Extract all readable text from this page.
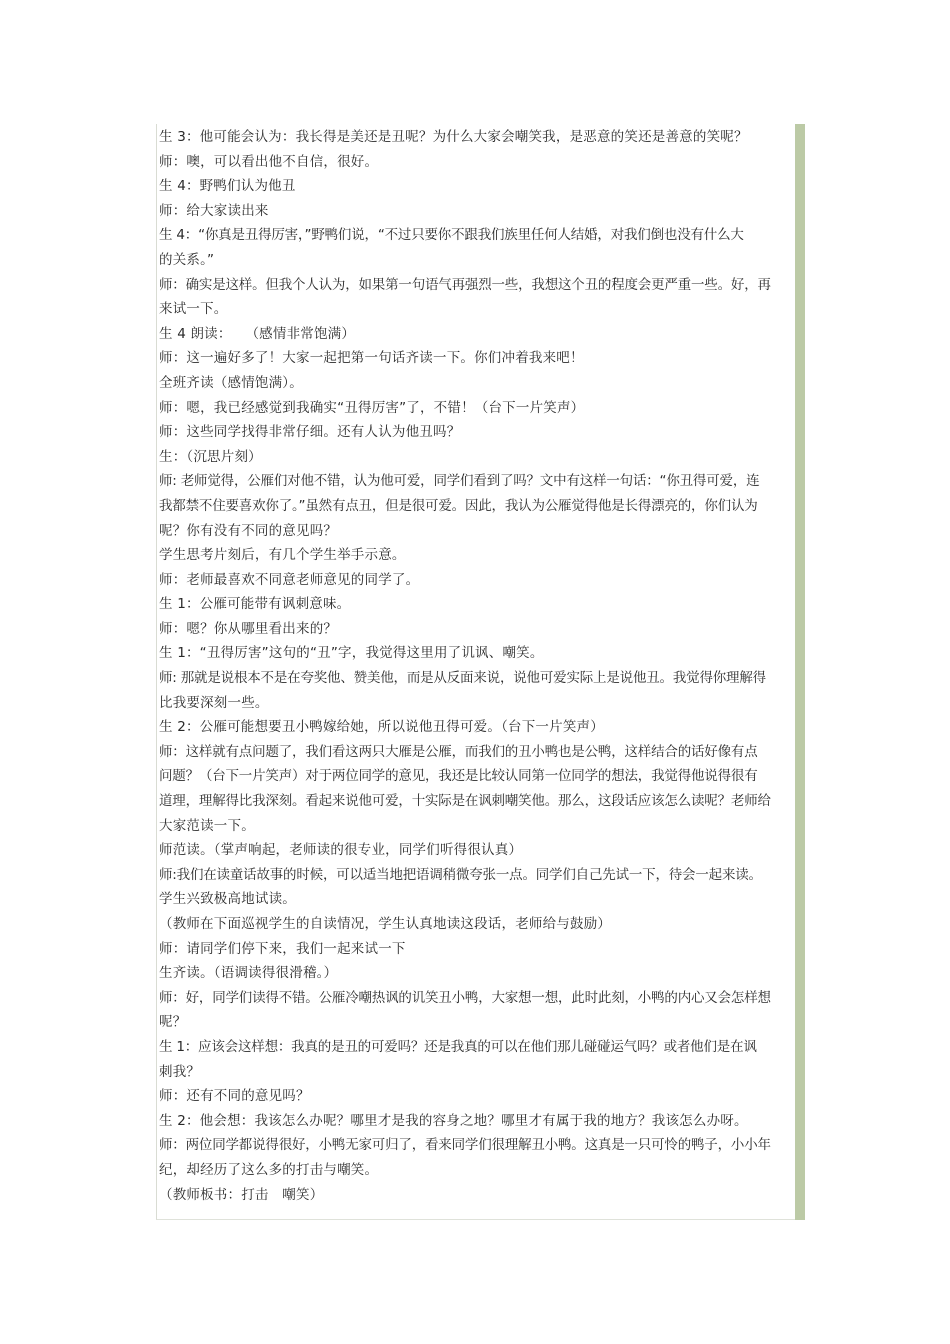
生 3：他可能会认为：我长得是美还是丑呢？为什么大家会嘲笑我，是恶意的笑还是善意的笑呢？
师：噢，可以看出他不自信，很好。
生 4：野鸭们认为他丑
师：给大家读出来
生 4：“你真是丑得厉害，”野鸭们说，“不过只要你不跟我们族里任何人结婚，对我们倒也没有什么大
的关系。”
师：确实是这样。但我个人认为，如果第一句语气再强烈一些，我想这个丑的程度会更严重一些。好，再
来试一下。
生 4 朗读：　　（感情非常饱满）
师：这一遍好多了！大家一起把第一句话齐读一下。你们冲着我来吧！
全班齐读（感情饱满）。
师：嗯，我已经感觉到我确实“丑得厉害”了，不错！（台下一片笑声）
师：这些同学找得非常仔细。还有人认为他丑吗？
生：（沉思片刻）
师: 老师觉得，公雁们对他不错，认为他可爱，同学们看到了吗？文中有这样一句话：“你丑得可爱，连
我都禁不住要喜欢你了。”虽然有点丑，但是很可爱。因此，我认为公雁觉得他是长得漂亮的，你们认为
呢？你有没有不同的意见吗？
学生思考片刻后，有几个学生举手示意。
师：老师最喜欢不同意老师意见的同学了。
生 1：公雁可能带有讽刺意味。
师：嗯？你从哪里看出来的？
生 1：“丑得厉害”这句的“丑”字，我觉得这里用了讥讽、嘲笑。
师: 那就是说根本不是在夸奖他、赞美他，而是从反面来说，说他可爱实际上是说他丑。我觉得你理解得
比我要深刻一些。
生 2：公雁可能想要丑小鸭嫁给她，所以说他丑得可爱。（台下一片笑声）
师：这样就有点问题了，我们看这两只大雁是公雁，而我们的丑小鸭也是公鸭，这样结合的话好像有点
问题？（台下一片笑声）对于两位同学的意见，我还是比较认同第一位同学的想法，我觉得他说得很有
道理，理解得比我深刻。看起来说他可爱，十实际是在讽刺嘲笑他。那么，这段话应该怎么读呢？老师给
大家范读一下。
师范读。（掌声响起，老师读的很专业，同学们听得很认真）
师:我们在读童话故事的时候，可以适当地把语调稍微夸张一点。同学们自己先试一下，待会一起来读。
学生兴致极高地试读。
（教师在下面巡视学生的自读情况，学生认真地读这段话，老师给与鼓励）
师：请同学们停下来，我们一起来试一下
生齐读。（语调读得很滑稽。）
师：好，同学们读得不错。公雁冷嘲热讽的讥笑丑小鸭，大家想一想，此时此刻，小鸭的内心又会怎样想
呢？
生 1：应该会这样想：我真的是丑的可爱吗？还是我真的可以在他们那儿碰碰运气吗？或者他们是在讽
刺我？
师：还有不同的意见吗？
生 2：他会想：我该怎么办呢？哪里才是我的容身之地？哪里才有属于我的地方？我该怎么办呀。
师：两位同学都说得很好，小鸭无家可归了，看来同学们很理解丑小鸭。这真是一只可怜的鸭子，小小年
纪，却经历了这么多的打击与嘲笑。
（教师板书：打击　嘲笑）
